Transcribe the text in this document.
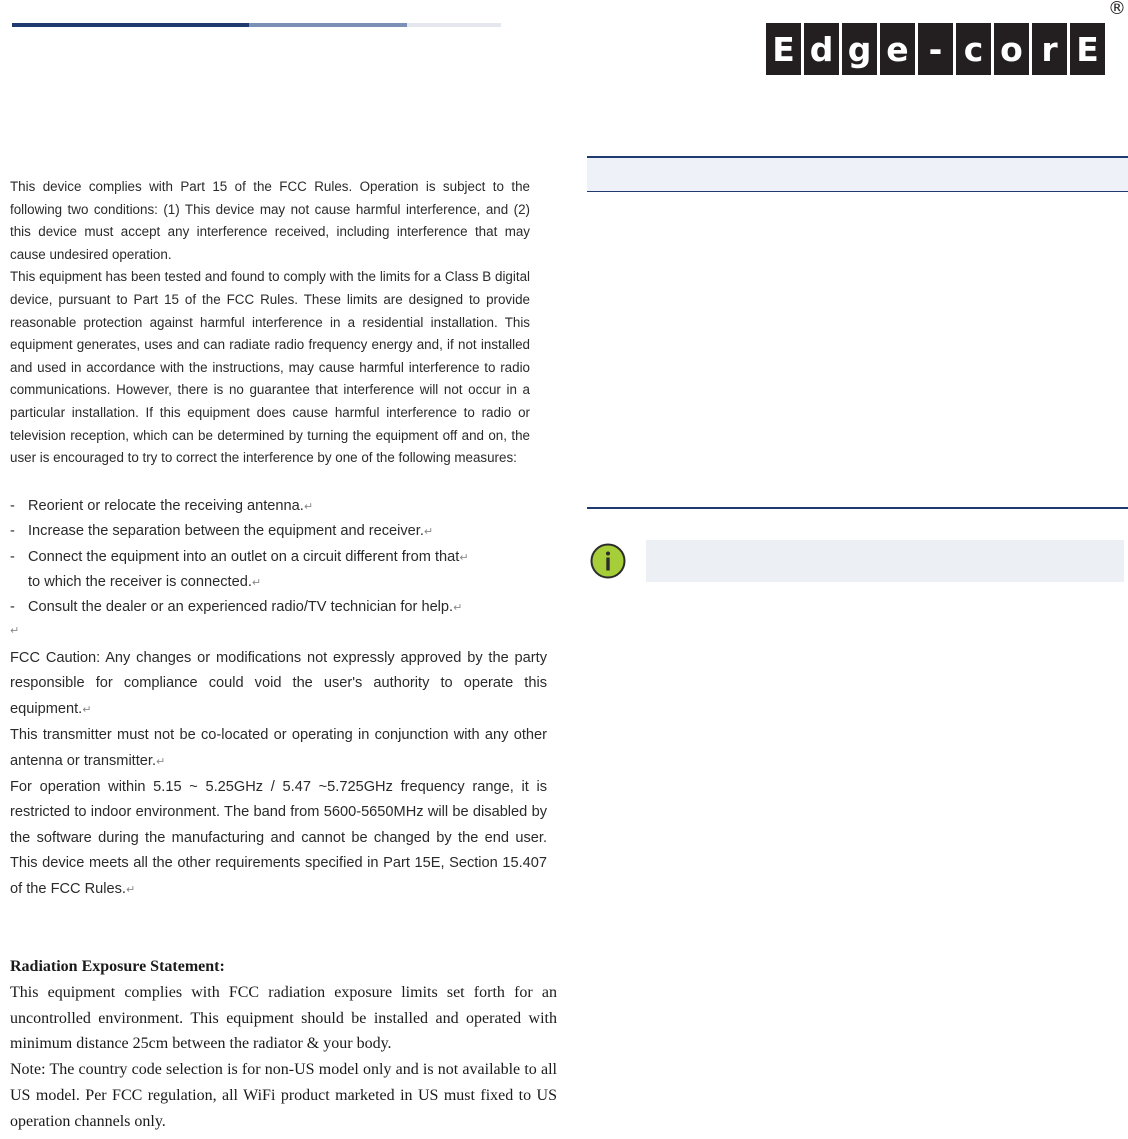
E d g e - c o r E
®

This device complies with Part 15 of the FCC Rules. Operation is subject to the following two conditions: (1) This device may not cause harmful interference, and (2) this device must accept any interference received, including interference that may cause undesired operation.

This equipment has been tested and found to comply with the limits for a Class B digital device, pursuant to Part 15 of the FCC Rules. These limits are designed to provide reasonable protection against harmful interference in a residential installation. This equipment generates, uses and can radiate radio frequency energy and, if not installed and used in accordance with the instructions, may cause harmful interference to radio communications. However, there is no guarantee that interference will not occur in a particular installation. If this equipment does cause harmful interference to radio or television reception, which can be determined by turning the equipment off and on, the user is encouraged to try to correct the interference by one of the following measures:

- Reorient or relocate the receiving antenna.↵
- Increase the separation between the equipment and receiver.↵
- Connect the equipment into an outlet on a circuit different from that↵
to which the receiver is connected.↵
- Consult the dealer or an experienced radio/TV technician for help.↵
↵

FCC Caution: Any changes or modifications not expressly approved by the party responsible for compliance could void the user's authority to operate this equipment.↵

This transmitter must not be co-located or operating in conjunction with any other antenna or transmitter.↵

For operation within 5.15 ~ 5.25GHz / 5.47 ~5.725GHz frequency range, it is restricted to indoor environment. The band from 5600-5650MHz will be disabled by the software during the manufacturing and cannot be changed by the end user. This device meets all the other requirements specified in Part 15E, Section 15.407 of the FCC Rules.↵

Radiation Exposure Statement:

This equipment complies with FCC radiation exposure limits set forth for an uncontrolled environment. This equipment should be installed and operated with minimum distance 25cm between the radiator & your body.

Note: The country code selection is for non-US model only and is not available to all US model. Per FCC regulation, all WiFi product marketed in US must fixed to US operation channels only.
